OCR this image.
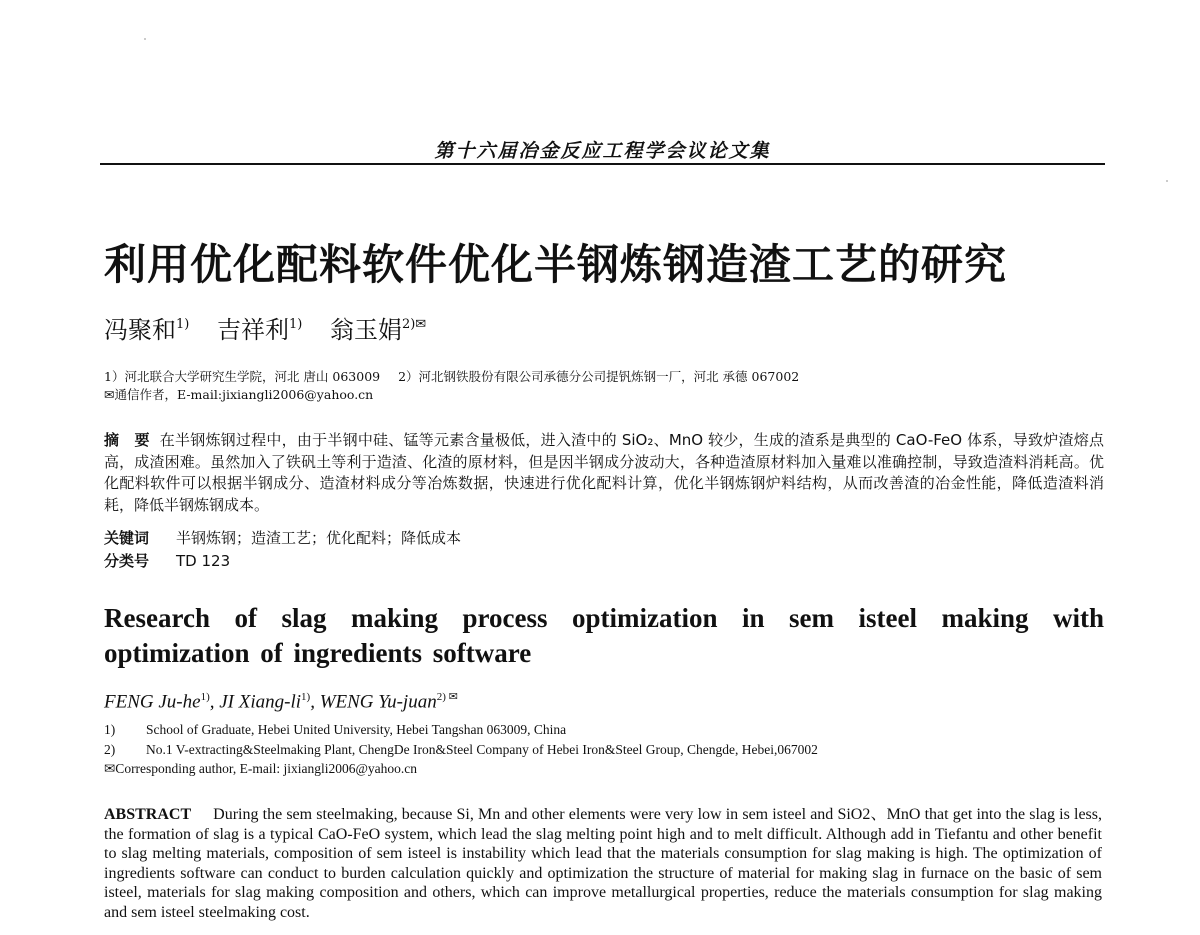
第十六届冶金反应工程学会议论文集
利用优化配料软件优化半钢炼钢造渣工艺的研究
冯聚和$^{1)}$ 吉祥利$^{1)}$ 翁玉娟$^{2)✉}$
1）河北联合大学研究生学院，河北 唐山 063009 2）河北钢铁股份有限公司承德分公司提钒炼钢一厂，河北 承德 067002
✉通信作者，E-mail:jixiangli2006@yahoo.cn
摘　要 在半钢炼钢过程中，由于半钢中硅、锰等元素含量极低，进入渣中的 SiO₂、MnO 较少，生成的渣系是典型的 CaO-FeO 体系，导致炉渣熔点高，成渣困难。虽然加入了铁矾土等利于造渣、化渣的原材料，但是因半钢成分波动大，各种造渣原材料加入量难以准确控制，导致造渣料消耗高。优化配料软件可以根据半钢成分、造渣材料成分等冶炼数据，快速进行优化配料计算，优化半钢炼钢炉料结构，从而改善渣的冶金性能，降低造渣料消耗，降低半钢炼钢成本。
关键词 半钢炼钢；造渣工艺；优化配料；降低成本
分类号 TD 123
Research of slag making process optimization in sem isteel making with optimization of ingredients software
FENG $Ju-he^{1)}$, JI Xiang-$li^{1)}$, WENG Yu-juan$^{2) ✉}$
1) School of Graduate, Hebei United University, Hebei Tangshan 063009, China
2) No.1 V-extracting&Steelmaking Plant, ChengDe Iron&Steel Company of Hebei Iron&Steel Group, Chengde, Hebei,067002
✉Corresponding author, E-mail: jixiangli2006@yahoo.cn
ABSTRACT During the sem steelmaking, because Si, Mn and other elements were very low in sem isteel and SiO2、MnO that get into the slag is less, the formation of slag is a typical CaO-FeO system, which lead the slag melting point high and to melt difficult. Although add in Tiefantu and other benefit to slag melting materials, composition of sem isteel is instability which lead that the materials consumption for slag making is high. The optimization of ingredients software can conduct to burden calculation quickly and optimization the structure of material for making slag in furnace on the basic of sem isteel, materials for slag making composition and others, which can improve metallurgical properties, reduce the materials consumption for slag making and sem isteel steelmaking cost.
